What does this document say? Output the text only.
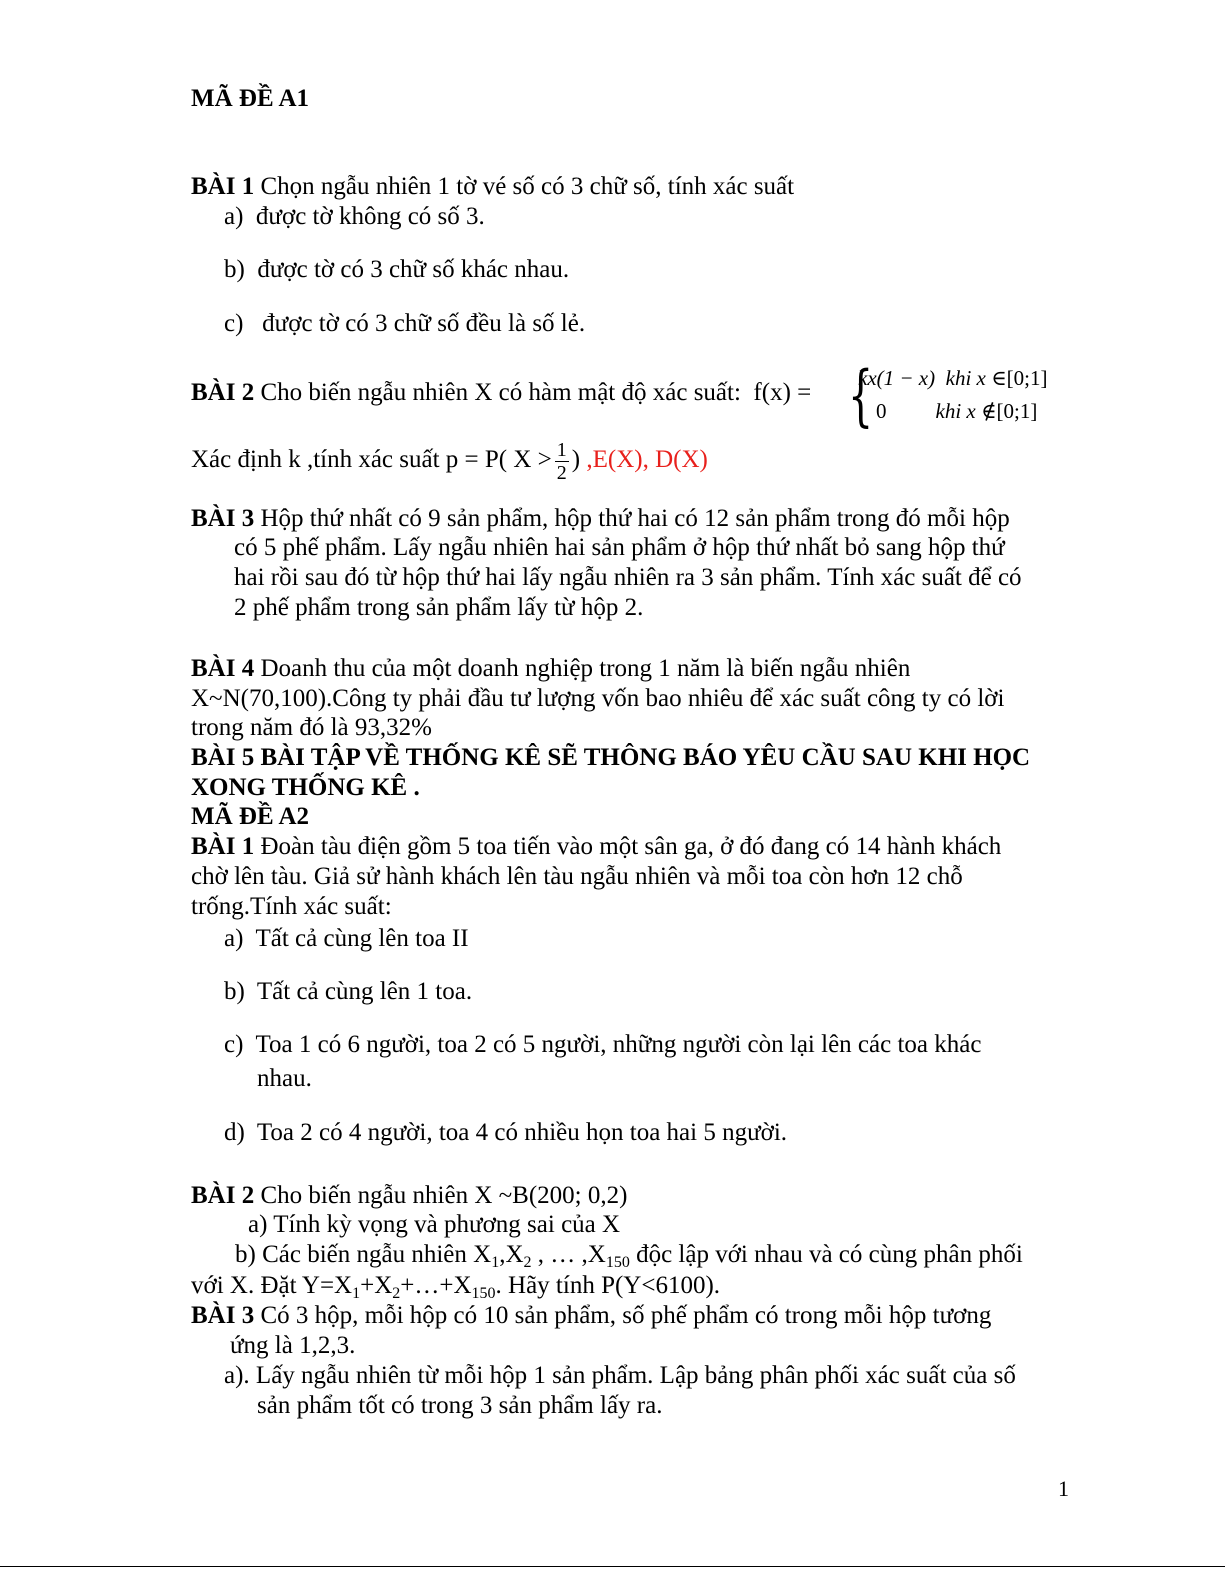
MÃ ĐỀ A1
BÀI 1 Chọn ngẫu nhiên 1 tờ vé số có 3 chữ số, tính xác suất
a) được tờ không có số 3.
b) được tờ có 3 chữ số khác nhau.
c) được tờ có 3 chữ số đều là số lẻ.
BÀI 2 Cho biến ngẫu nhiên X có hàm mật độ xác suất: f(x) = {
kx(1 − x) khi x ∈[0;1]
0 khi x ∉[0;1]
Xác định k ,tính xác suất p = P( $X > \frac{1}{2}$ ) ,E(X), D(X)
BÀI 3 Hộp thứ nhất có 9 sản phẩm, hộp thứ hai có 12 sản phẩm trong đó mỗi hộp
có 5 phế phẩm. Lấy ngẫu nhiên hai sản phẩm ở hộp thứ nhất bỏ sang hộp thứ
hai rồi sau đó từ hộp thứ hai lấy ngẫu nhiên ra 3 sản phẩm. Tính xác suất để có
2 phế phẩm trong sản phẩm lấy từ hộp 2.
BÀI 4 Doanh thu của một doanh nghiệp trong 1 năm là biến ngẫu nhiên
X~N(70,100).Công ty phải đầu tư lượng vốn bao nhiêu để xác suất công ty có lời
trong năm đó là 93,32%
BÀI 5 BÀI TẬP VỀ THỐNG KÊ SẼ THÔNG BÁO YÊU CẦU SAU KHI HỌC
XONG THỐNG KÊ .
MÃ ĐỀ A2
BÀI 1 Đoàn tàu điện gồm 5 toa tiến vào một sân ga, ở đó đang có 14 hành khách
chờ lên tàu. Giả sử hành khách lên tàu ngẫu nhiên và mỗi toa còn hơn 12 chỗ
trống.Tính xác suất:
a) Tất cả cùng lên toa II
b) Tất cả cùng lên 1 toa.
c) Toa 1 có 6 người, toa 2 có 5 người, những người còn lại lên các toa khác
nhau.
d) Toa 2 có 4 người, toa 4 có nhiều họn toa hai 5 người.
BÀI 2 Cho biến ngẫu nhiên X ~B(200; 0,2)
a) Tính kỳ vọng và phương sai của X
b) Các biến ngẫu nhiên $X_1,X_2$ , … $,X_{150}$ độc lập với nhau và có cùng phân phối
với X. Đặt $Y=X_1+X_2+\dots+X_{150}$. Hãy tính P(Y<6100).
BÀI 3 Có 3 hộp, mỗi hộp có 10 sản phẩm, số phế phẩm có trong mỗi hộp tương
ứng là 1,2,3.
a). Lấy ngẫu nhiên từ mỗi hộp 1 sản phẩm. Lập bảng phân phối xác suất của số
sản phẩm tốt có trong 3 sản phẩm lấy ra.
1
